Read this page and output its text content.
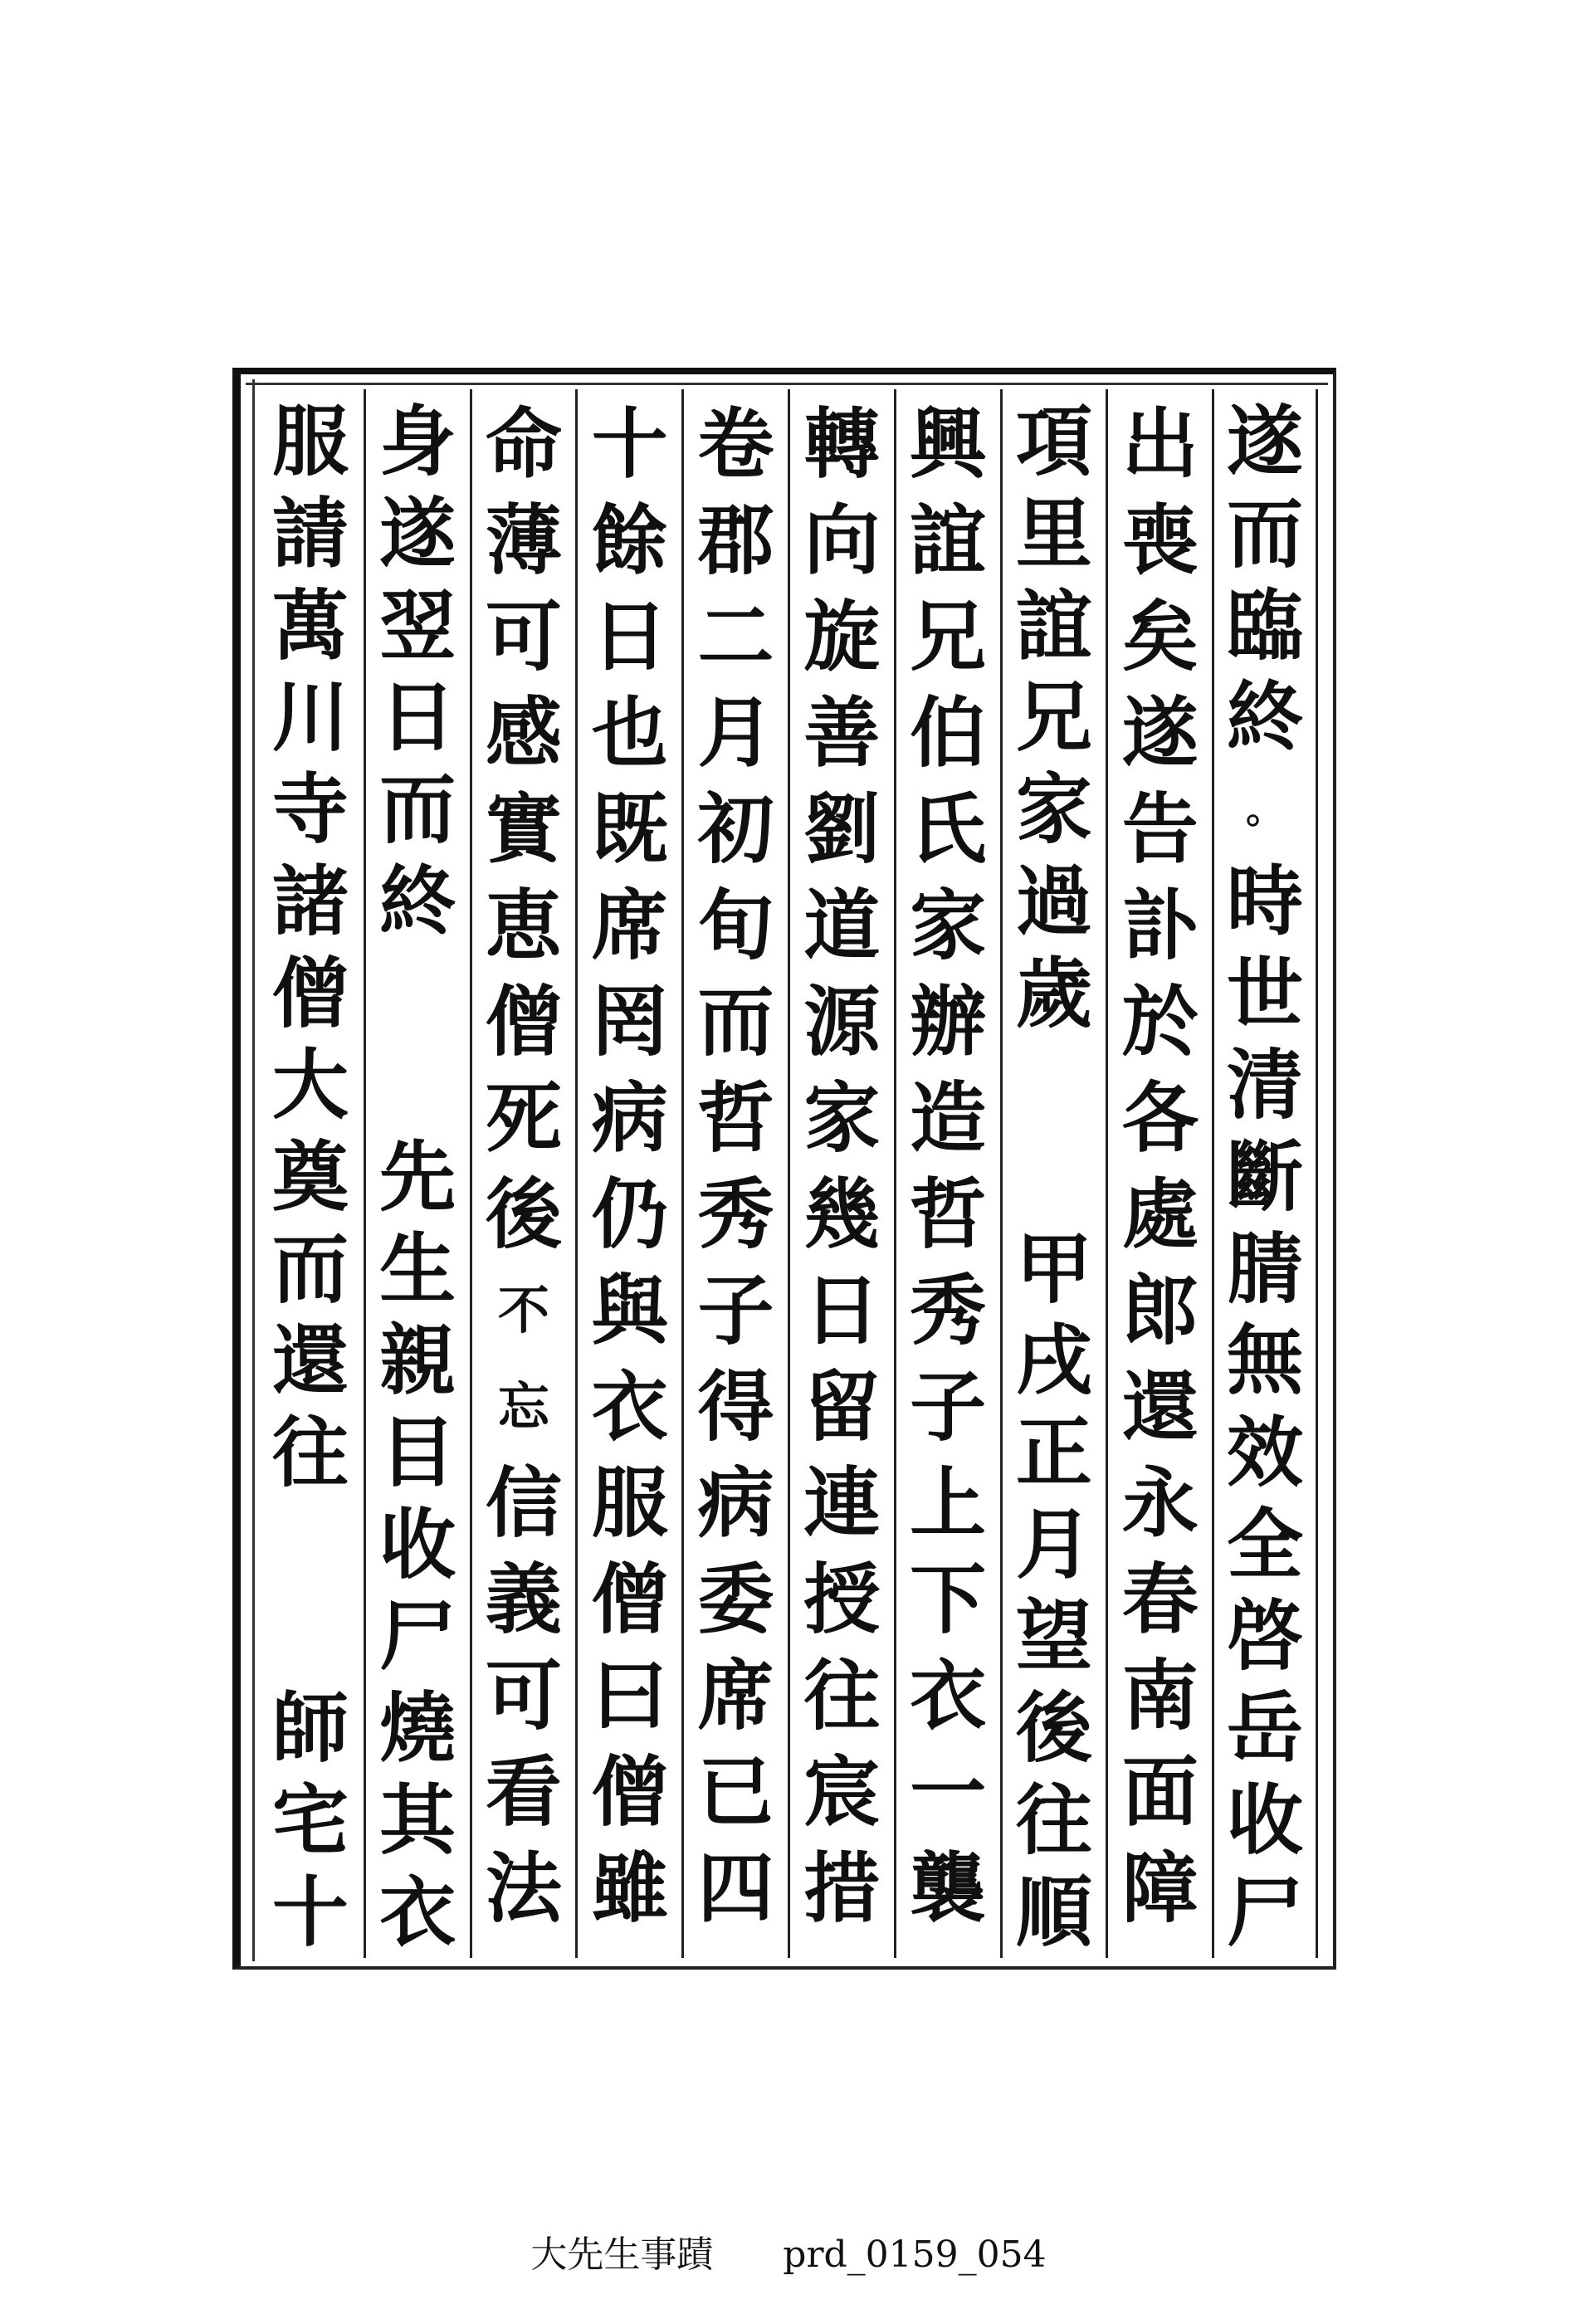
遂
而
臨
終
。
時
世
清
斷
腈
無
效
全
啓
岳
收
尸
出
喪
矣
遂
告
訃
於
各
處
郎
還
永
春
南
面
障
項
里
誼
兄
家
過
歲
甲
戌
正
月
望
後
往
順
興
誼
兄
伯
氏
家
辦
造
哲
秀
子
上
下
衣
一
襲
轉
向
旋
善
劉
道
源
家
幾
日
留
連
授
往
宸
措
卷
郡
二
月
初
旬
而
哲
秀
子
得
病
委
席
已
四
十
餘
日
也
既
席
罔
病
仍
與
衣
服
僧
曰
僧
雖
命
薄
可
感
實
恵
僧
死
後
不
忘
信
義
可
看
法
身
遂
翌
日
而
終
先
生
親
目
收
尸
燒
其
衣
服
請
萬
川
寺
諸
僧
大
奠
而
還
往
師
宅
十
大先生事蹟 prd_0159_054
